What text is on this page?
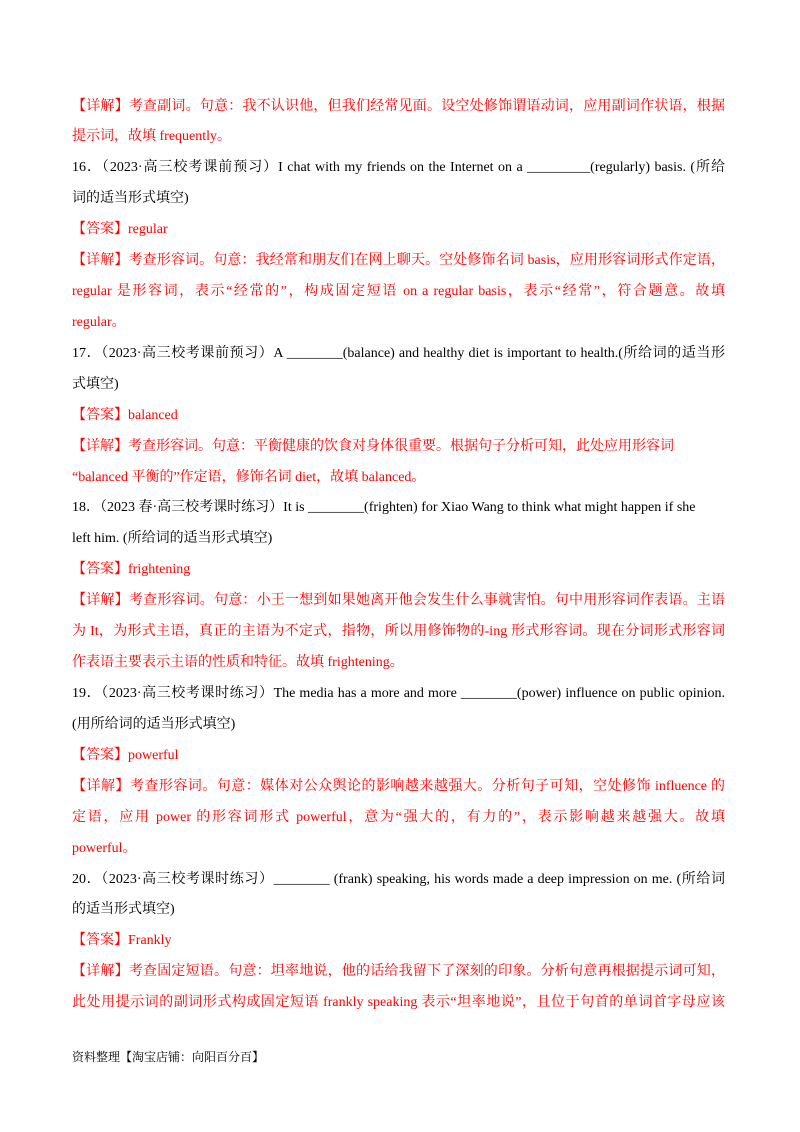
【详解】考查副词。句意：我不认识他，但我们经常见面。设空处修饰谓语动词，应用副词作状语，根据
提示词，故填 frequently。
16．（2023·高三校考课前预习）I chat with my friends on the Internet on a _________(regularly) basis. (所给
词的适当形式填空)
【答案】regular
【详解】考查形容词。句意：我经常和朋友们在网上聊天。空处修饰名词 basis，应用形容词形式作定语，
regular 是形容词，表示“经常的”，构成固定短语 on a regular basis，表示“经常”，符合题意。故填
regular。
17．（2023·高三校考课前预习）A ________(balance) and healthy diet is important to health.(所给词的适当形
式填空)
【答案】balanced
【详解】考查形容词。句意：平衡健康的饮食对身体很重要。根据句子分析可知，此处应用形容词
“balanced 平衡的”作定语，修饰名词 diet，故填 balanced。
18．（2023 春·高三校考课时练习）It is ________(frighten) for Xiao Wang to think what might happen if she
left him. (所给词的适当形式填空)
【答案】frightening
【详解】考查形容词。句意：小王一想到如果她离开他会发生什么事就害怕。句中用形容词作表语。主语
为 It，为形式主语，真正的主语为不定式，指物，所以用修饰物的-ing 形式形容词。现在分词形式形容词
作表语主要表示主语的性质和特征。故填 frightening。
19．（2023·高三校考课时练习）The media has a more and more ________(power) influence on public opinion.
(用所给词的适当形式填空)
【答案】powerful
【详解】考查形容词。句意：媒体对公众舆论的影响越来越强大。分析句子可知，空处修饰 influence 的
定语，应用 power 的形容词形式 powerful，意为“强大的，有力的”，表示影响越来越强大。故填
powerful。
20．（2023·高三校考课时练习）________ (frank) speaking, his words made a deep impression on me. (所给词
的适当形式填空)
【答案】Frankly
【详解】考查固定短语。句意：坦率地说，他的话给我留下了深刻的印象。分析句意再根据提示词可知，
此处用提示词的副词形式构成固定短语 frankly speaking 表示“坦率地说”，且位于句首的单词首字母应该
资料整理【淘宝店铺：向阳百分百】
